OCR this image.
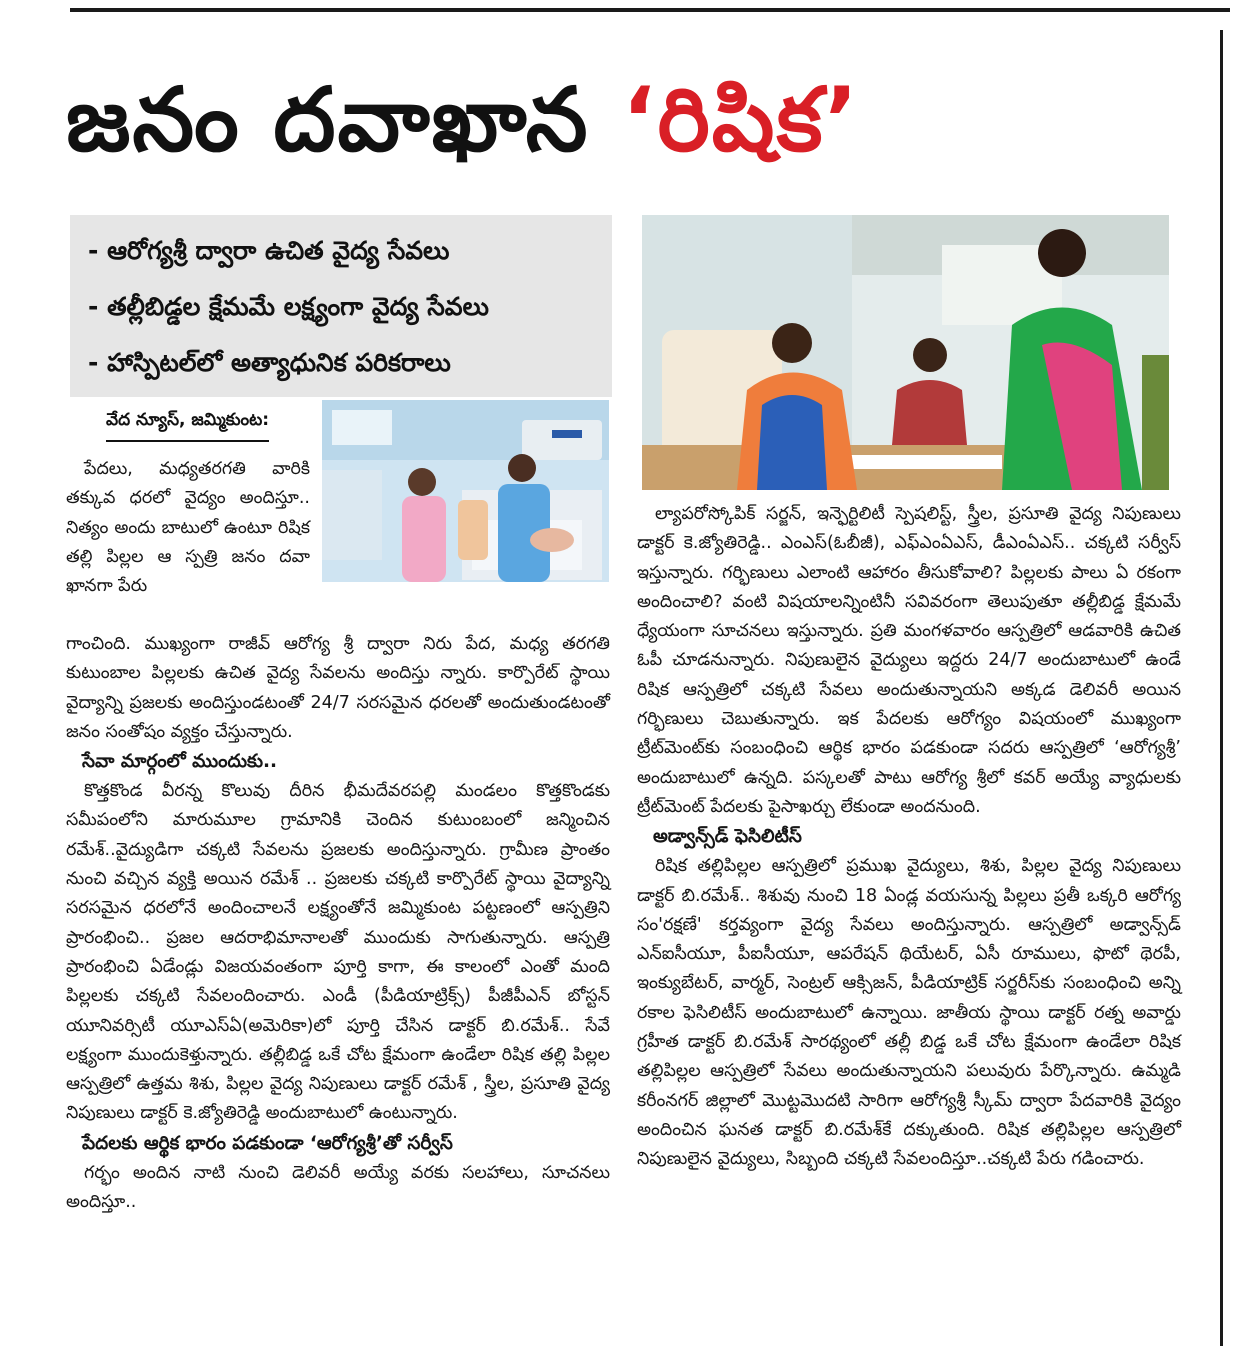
జనం దవాఖాన ‘రిషిక’
- ఆరోగ్యశ్రీ ద్వారా ఉచిత వైద్య సేవలు
- తల్లీబిడ్డల క్షేమమే లక్ష్యంగా వైద్య సేవలు
- హాస్పిటల్‌లో అత్యాధునిక పరికరాలు
వేద న్యూస్, జమ్మికుంట:

పేదలు, మధ్యతరగతి వారికి తక్కువ ధరలో వైద్యం అందిస్తూ.. నిత్యం అందు బాటులో ఉంటూ రిషిక తల్లి పిల్లల ఆ స్పత్రి జనం దవా ఖానగా పేరు

గాంచింది. ముఖ్యంగా రాజీవ్ ఆరోగ్య శ్రీ ద్వారా నిరు పేద, మధ్య తరగతి కుటుంబాల పిల్లలకు ఉచిత వైద్య సేవలను అందిస్తు న్నారు. కార్పొరేట్ స్థాయి వైద్యాన్ని ప్రజలకు అందిస్తుండటంతో 24/7 సరసమైన ధరలతో అందుతుండటంతో జనం సంతోషం వ్యక్తం చేస్తున్నారు.

సేవా మార్గంలో ముందుకు..

కొత్తకొండ వీరన్న కొలువు దీరిన భీమదేవరపల్లి మండలం కొత్తకొండకు సమీపంలోని మారుమూల గ్రామానికి చెందిన కుటుంబంలో జన్మించిన రమేశ్..వైద్యుడిగా చక్కటి సేవలను ప్రజలకు అందిస్తున్నారు. గ్రామీణ ప్రాంతం నుంచి వచ్చిన వ్యక్తి అయిన రమేశ్ .. ప్రజలకు చక్కటి కార్పొరేట్ స్థాయి వైద్యాన్ని సరసమైన ధరలోనే అందించాలనే లక్ష్యంతోనే జమ్మికుంట పట్టణంలో ఆస్పత్రిని ప్రారంభించి.. ప్రజల ఆదరాభిమానాలతో ముందుకు సాగుతున్నారు. ఆస్పత్రి ప్రారంభించి ఏడేండ్లు విజయవంతంగా పూర్తి కాగా, ఈ కాలంలో ఎంతో మంది పిల్లలకు చక్కటి సేవలందించారు. ఎండీ (పీడియాట్రిక్స్) పీజీపీఎన్ బోస్టన్ యూనివర్సిటీ యూఎస్ఏ(అమెరికా)లో పూర్తి చేసిన డాక్టర్ బి.రమేశ్.. సేవే లక్ష్యంగా ముందుకెళ్తున్నారు. తల్లీబిడ్డ ఒకే చోట క్షేమంగా ఉండేలా రిషిక తల్లి పిల్లల ఆస్పత్రిలో ఉత్తమ శిశు, పిల్లల వైద్య నిపుణులు డాక్టర్ రమేశ్ , స్త్రీల, ప్రసూతి వైద్య నిపుణులు డాక్టర్ కె.జ్యోతిరెడ్డి అందుబాటులో ఉంటున్నారు.

పేదలకు ఆర్థిక భారం పడకుండా ‘ఆరోగ్యశ్రీ’తో సర్వీస్

గర్భం అందిన నాటి నుంచి డెలివరీ అయ్యే వరకు సలహాలు, సూచనలు అందిస్తూ..

ల్యాపరోస్కోపిక్ సర్జన్, ఇన్ఫెర్టిలిటీ స్పెషలిస్ట్, స్త్రీల, ప్రసూతి వైద్య నిపుణులు డాక్టర్ కె.జ్యోతిరెడ్డి.. ఎంఎస్(ఓబీజీ), ఎఫ్ఎంఏఎస్, డీఎంఏఎస్.. చక్కటి సర్వీస్ ఇస్తున్నారు. గర్భిణులు ఎలాంటి ఆహారం తీసుకోవాలి? పిల్లలకు పాలు ఏ రకంగా అందించాలి? వంటి విషయాలన్నింటినీ సవివరంగా తెలుపుతూ తల్లీబిడ్డ క్షేమమే ధ్యేయంగా సూచనలు ఇస్తున్నారు. ప్రతి మంగళవారం ఆస్పత్రిలో ఆడవారికి ఉచిత ఓపీ చూడనున్నారు. నిపుణులైన వైద్యులు ఇద్దరు 24/7 అందుబాటులో ఉండే రిషిక ఆస్పత్రిలో చక్కటి సేవలు అందుతున్నాయని అక్కడ డెలివరీ అయిన గర్భిణులు చెబుతున్నారు. ఇక పేదలకు ఆరోగ్యం విషయంలో ముఖ్యంగా ట్రీట్‌మెంట్‌కు సంబంధించి ఆర్థిక భారం పడకుండా సదరు ఆస్పత్రిలో ‘ఆరోగ్యశ్రీ’ అందుబాటులో ఉన్నది. పస్కలతో పాటు ఆరోగ్య శ్రీలో కవర్ అయ్యే వ్యాధులకు ట్రీట్‌మెంట్ పేదలకు పైసాఖర్చు లేకుండా అందనుంది.

అడ్వాన్స్‌డ్ ఫెసిలిటీస్

రిషిక తల్లిపిల్లల ఆస్పత్రిలో ప్రముఖ వైద్యులు, శిశు, పిల్లల వైద్య నిపుణులు డాక్టర్ బి.రమేశ్.. శిశువు నుంచి 18 ఏండ్ల వయసున్న పిల్లలు ప్రతీ ఒక్కరి ఆరోగ్య సం'రక్షణే' కర్తవ్యంగా వైద్య సేవలు అందిస్తున్నారు. ఆస్పత్రిలో అడ్వాన్స్‌డ్ ఎన్ఐసీయూ, పీఐసీయూ, ఆపరేషన్ థియేటర్, ఏసీ రూములు, ఫొటో థెరపీ, ఇంక్యుబేటర్, వార్మర్, సెంట్రల్ ఆక్సిజన్, పీడియాట్రిక్ సర్జరీస్‌కు సంబంధించి అన్ని రకాల ఫెసిలిటీస్ అందుబాటులో ఉన్నాయి. జాతీయ స్థాయి డాక్టర్ రత్న అవార్డు గ్రహీత డాక్టర్ బి.రమేశ్ సారథ్యంలో తల్లీ బిడ్డ ఒకే చోట క్షేమంగా ఉండేలా రిషిక తల్లిపిల్లల ఆస్పత్రిలో సేవలు అందుతున్నాయని పలువురు పేర్కొన్నారు. ఉమ్మడి కరీంనగర్ జిల్లాలో మొట్టమొదటి సారిగా ఆరోగ్యశ్రీ స్కీమ్ ద్వారా పేదవారికి వైద్యం అందించిన ఘనత డాక్టర్ బి.రమేశ్‌కే దక్కుతుంది. రిషిక తల్లిపిల్లల ఆస్పత్రిలో నిపుణులైన వైద్యులు, సిబ్బంది చక్కటి సేవలందిస్తూ..చక్కటి పేరు గడించారు.
